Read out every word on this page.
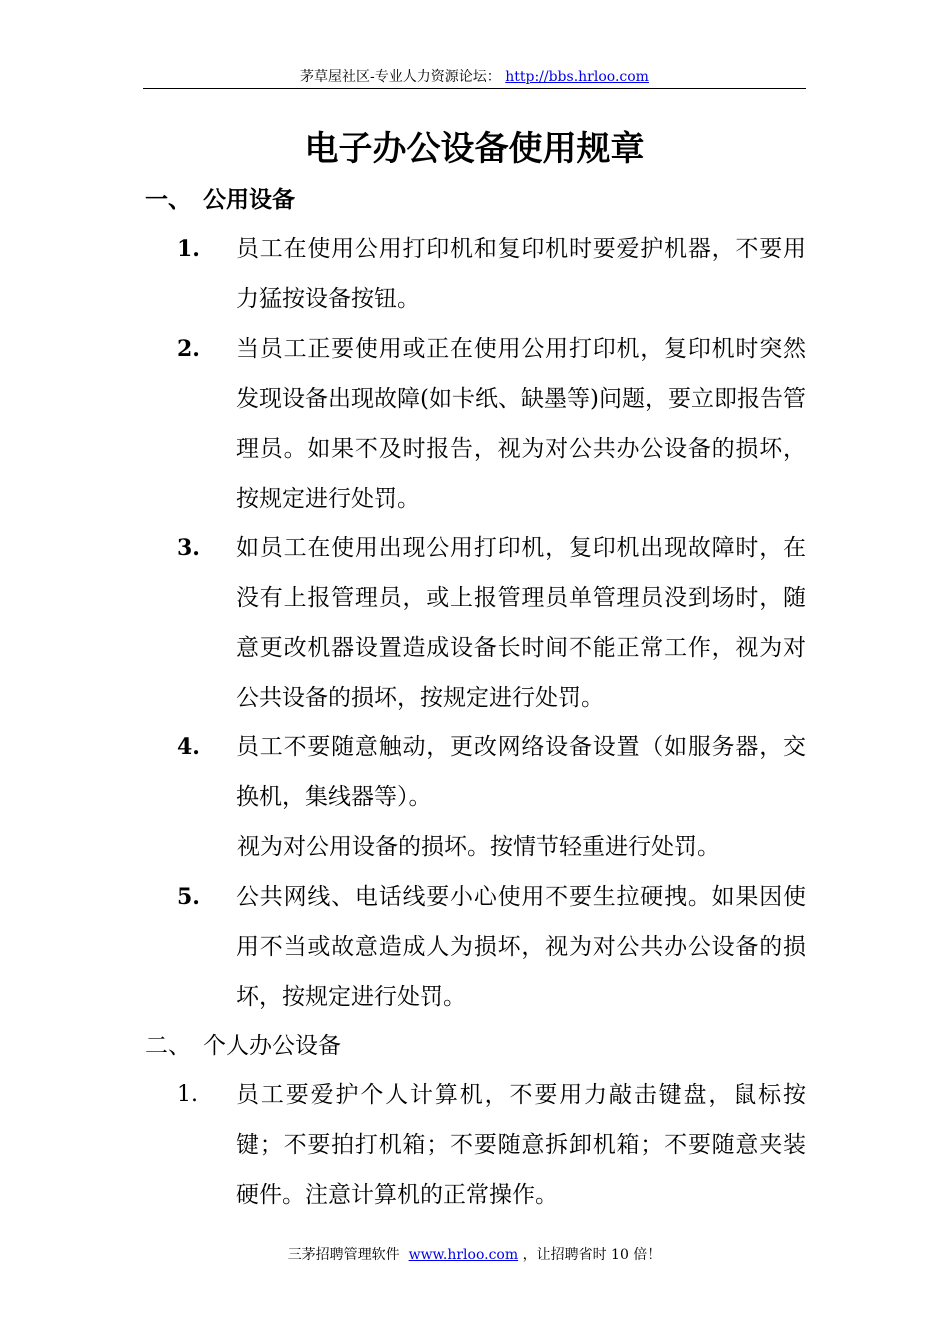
茅草屋社区-专业人力资源论坛： http://bbs.hrloo.com
电子办公设备使用规章
一、 公用设备
1.	员工在使用公用打印机和复印机时要爱护机器，不要用力猛按设备按钮。
2.	当员工正要使用或正在使用公用打印机，复印机时突然发现设备出现故障(如卡纸、缺墨等)问题，要立即报告管理员。如果不及时报告，视为对公共办公设备的损坏，按规定进行处罚。
3.	如员工在使用出现公用打印机，复印机出现故障时，在没有上报管理员，或上报管理员单管理员没到场时，随意更改机器设置造成设备长时间不能正常工作，视为对公共设备的损坏，按规定进行处罚。
4.	员工不要随意触动，更改网络设备设置（如服务器，交换机，集线器等）。
视为对公用设备的损坏。按情节轻重进行处罚。
5.	公共网线、电话线要小心使用不要生拉硬拽。如果因使用不当或故意造成人为损坏，视为对公共办公设备的损坏，按规定进行处罚。
二、 个人办公设备
1.	员工要爱护个人计算机，不要用力敲击键盘，鼠标按键；不要拍打机箱；不要随意拆卸机箱；不要随意夹装硬件。注意计算机的正常操作。
三茅招聘管理软件 www.hrloo.com ，让招聘省时 10 倍！
